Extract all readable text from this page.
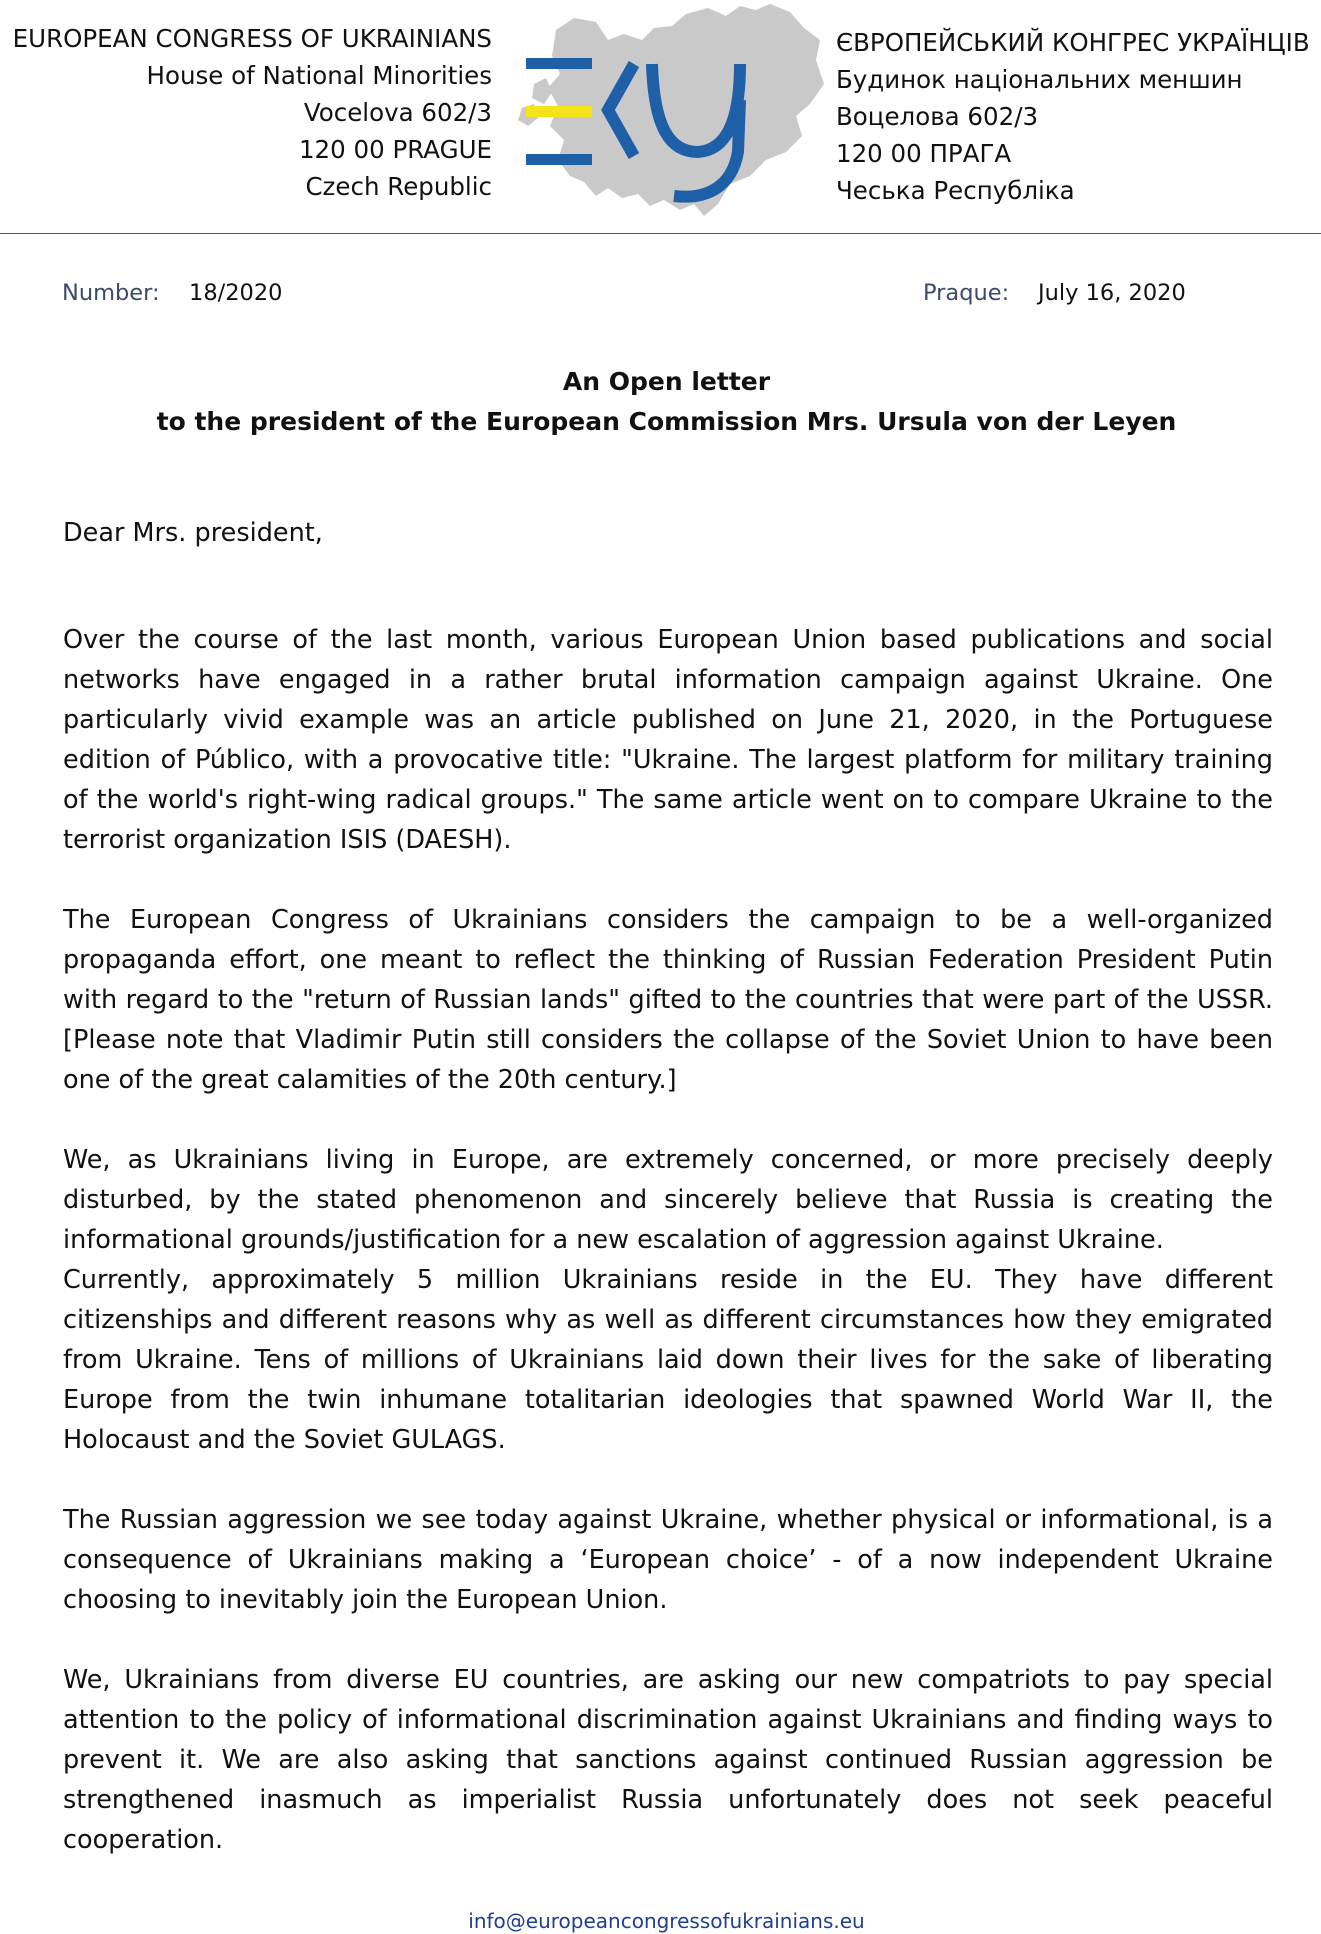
EUROPEAN CONGRESS OF UKRAINIANS
House of National Minorities
Vocelova 602/3
120 00 PRAGUE
Czech Republic
ЄВРОПЕЙСЬКИЙ КОНГРЕС УКРАЇНЦІВ
Будинок національних меншин
Воцелова 602/3
120 00 ПРАГА
Чеська Республіка
Number: 18/2020	Praque: July 16, 2020
An Open letter
to the president of the European Commission Mrs. Ursula von der Leyen
Dear Mrs. president,

Over the course of the last month, various European Union based publications and social networks have engaged in a rather brutal information campaign against Ukraine. One particularly vivid example was an article published on June 21, 2020, in the Portuguese edition of Público, with a provocative title: "Ukraine. The largest platform for military training of the world's right-wing radical groups." The same article went on to compare Ukraine to the terrorist organization ISIS (DAESH).

The European Congress of Ukrainians considers the campaign to be a well-organized propaganda effort, one meant to reflect the thinking of Russian Federation President Putin with regard to the "return of Russian lands" gifted to the countries that were part of the USSR. [Please note that Vladimir Putin still considers the collapse of the Soviet Union to have been one of the great calamities of the 20th century.]

We, as Ukrainians living in Europe, are extremely concerned, or more precisely deeply disturbed, by the stated phenomenon and sincerely believe that Russia is creating the informational grounds/justification for a new escalation of aggression against Ukraine.

Currently, approximately 5 million Ukrainians reside in the EU. They have different citizenships and different reasons why as well as different circumstances how they emigrated from Ukraine. Tens of millions of Ukrainians laid down their lives for the sake of liberating Europe from the twin inhumane totalitarian ideologies that spawned World War II, the Holocaust and the Soviet GULAGS.

The Russian aggression we see today against Ukraine, whether physical or informational, is a consequence of Ukrainians making a ‘European choice’ - of a now independent Ukraine choosing to inevitably join the European Union.

We, Ukrainians from diverse EU countries, are asking our new compatriots to pay special attention to the policy of informational discrimination against Ukrainians and finding ways to prevent it. We are also asking that sanctions against continued Russian aggression be strengthened inasmuch as imperialist Russia unfortunately does not seek peaceful cooperation.

info@europeancongressofukrainians.eu
